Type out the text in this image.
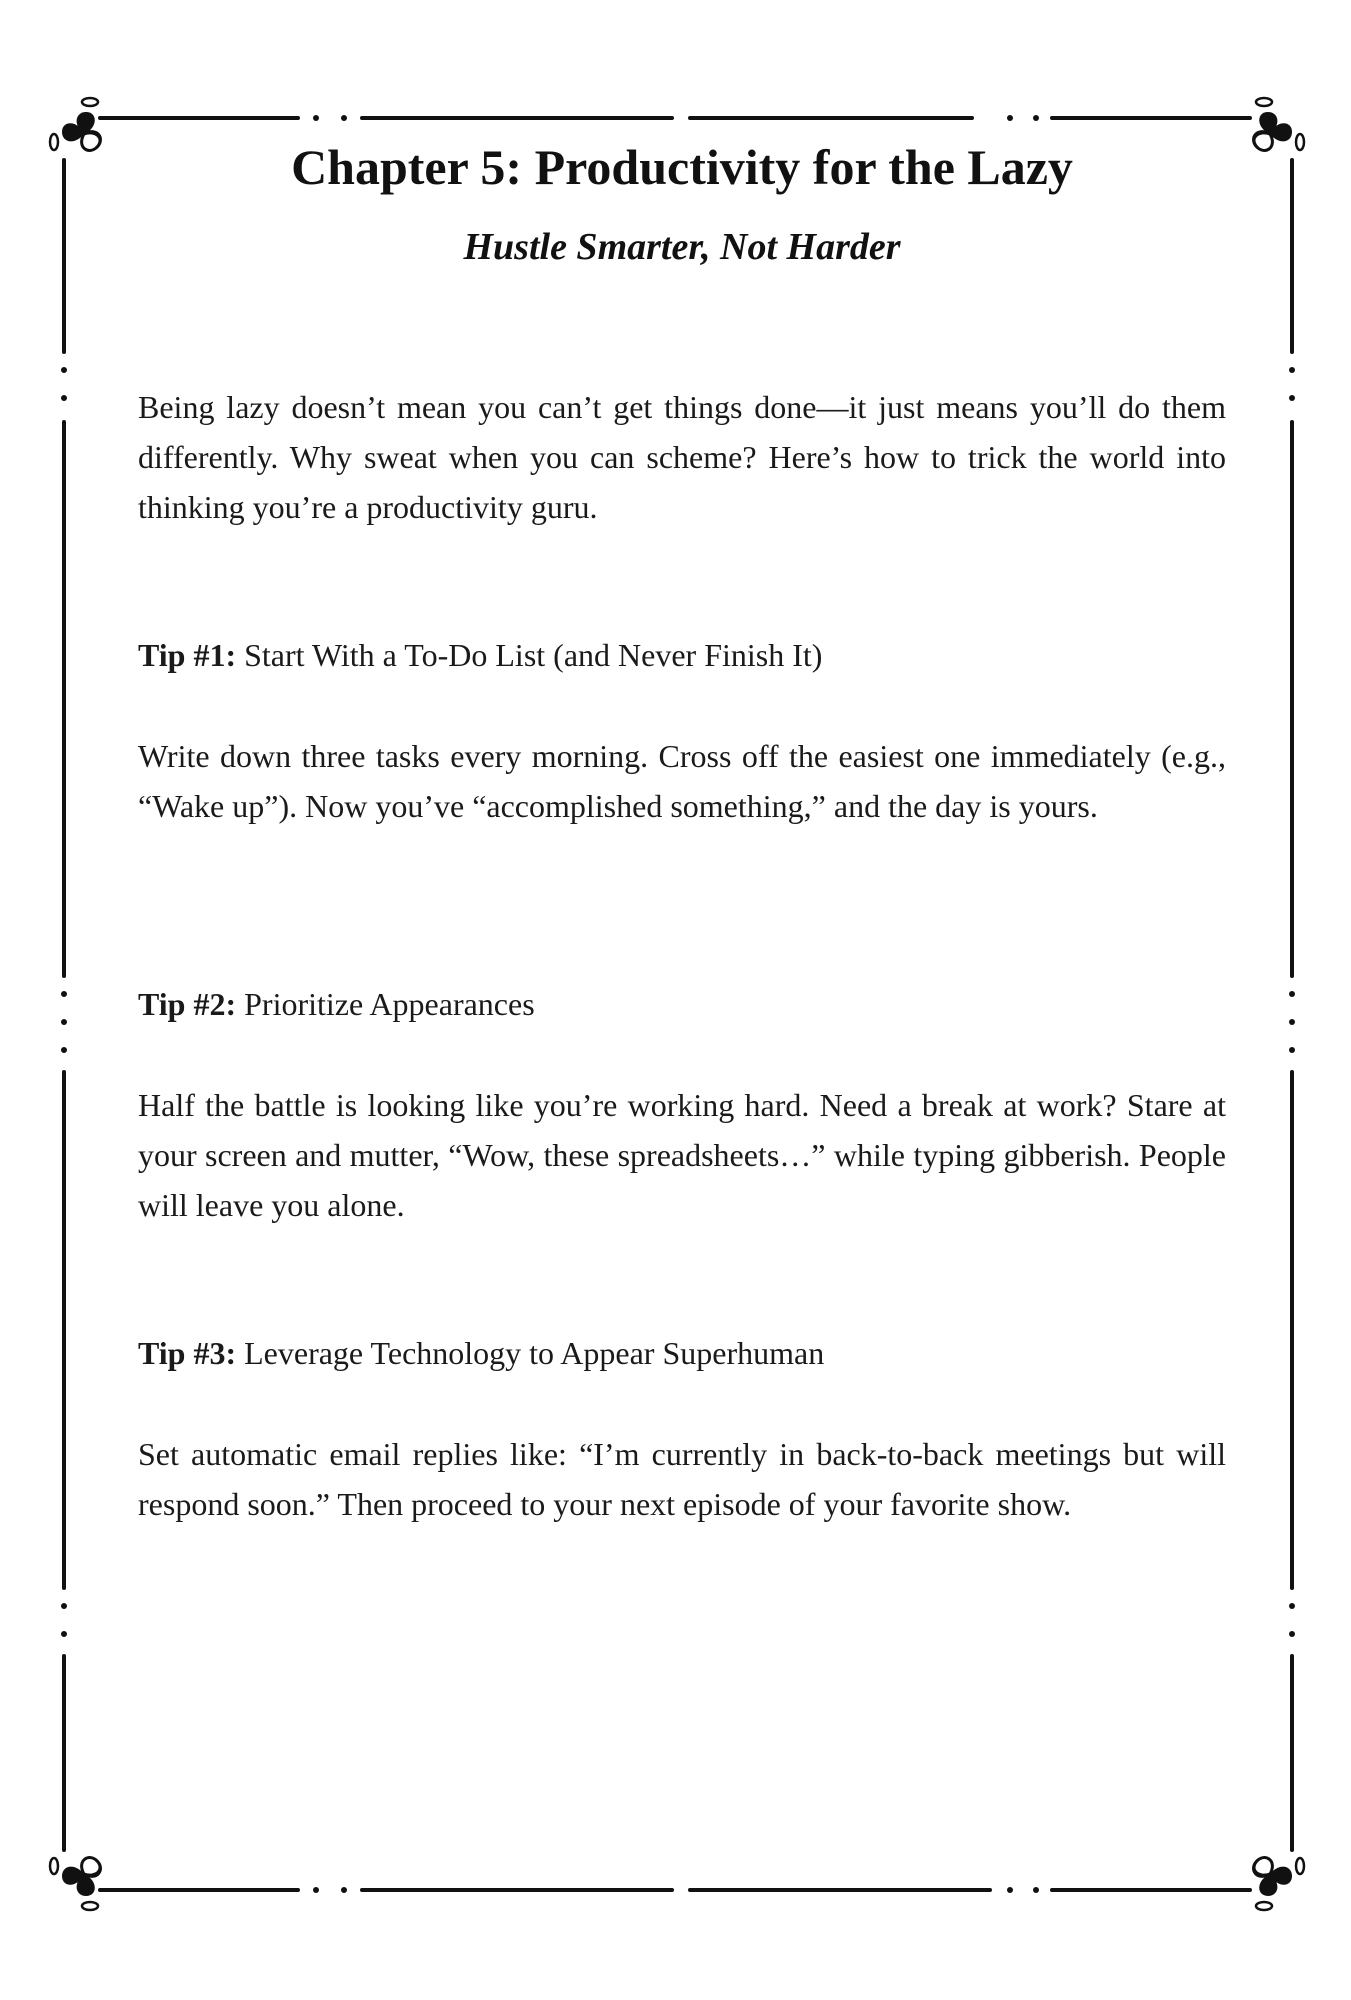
Chapter 5: Productivity for the Lazy
Hustle Smarter, Not Harder

Being lazy doesn’t mean you can’t get things done—it just means you’ll do them differently. Why sweat when you can scheme? Here’s how to trick the world into thinking you’re a productivity guru.

Tip #1: Start With a To-Do List (and Never Finish It)

Write down three tasks every morning. Cross off the easiest one immediately (e.g., “Wake up”). Now you’ve “accomplished something,” and the day is yours.

Tip #2: Prioritize Appearances

Half the battle is looking like you’re working hard. Need a break at work? Stare at your screen and mutter, “Wow, these spreadsheets…” while typing gibberish. People will leave you alone.

Tip #3: Leverage Technology to Appear Superhuman

Set automatic email replies like: “I’m currently in back-to-back meetings but will respond soon.” Then proceed to your next episode of your favorite show.
